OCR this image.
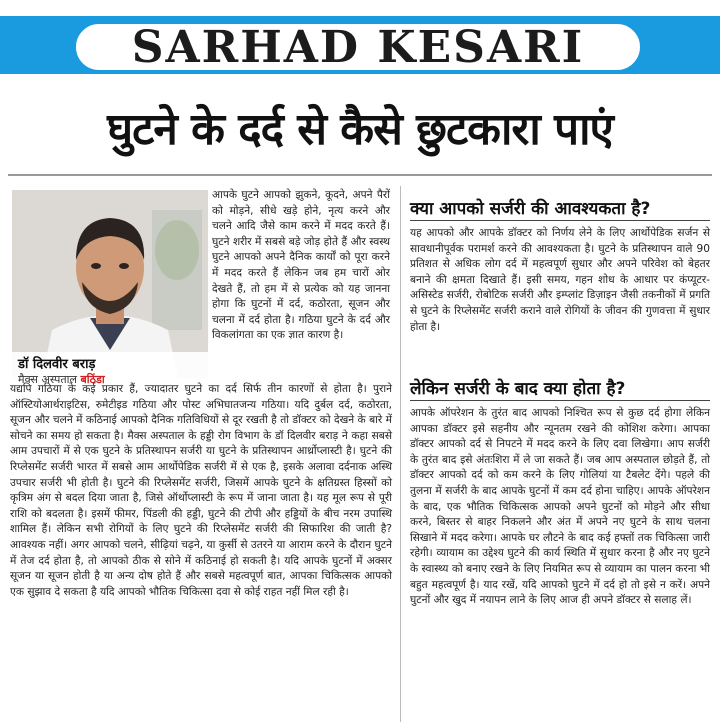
SARHAD KESARI
घुटने के दर्द से कैसे छुटकारा पाएं
डॉ दिलवीर बराड़
मैक्स अस्पताल बठिंडा

आपके घुटने आपको झुकने, कूदने, अपने पैरों को मोड़ने, सीधे खड़े होने, नृत्य करने और चलने आदि जैसे काम करने में मदद करते हैं। घुटने शरीर में सबसे बड़े जोड़ होते हैं और स्वस्थ घुटने आपको अपने दैनिक कार्यों को पूरा करने में मदद करते हैं लेकिन जब हम चारों ओर देखते हैं, तो हम में से प्रत्येक को यह जानना होगा कि घुटनों में दर्द, कठोरता, सूजन और चलना में दर्द होता है। गठिया घुटने के दर्द और विकलांगता का एक ज्ञात कारण है।

यद्यपि गठिया के कई प्रकार हैं, ज्यादातर घुटने का दर्द सिर्फ तीन कारणों से होता है। पुराने ऑस्टियोआर्थराइटिस, रुमेटीइड गठिया और पोस्ट अभिघातजन्य गठिया। यदि दुर्बल दर्द, कठोरता, सूजन और चलने में कठिनाई आपको दैनिक गतिविधियों से दूर रखती है तो डॉक्टर को देखने के बारे में सोचने का समय हो सकता है। मैक्स अस्पताल के हड्डी रोग विभाग के डॉ दिलवीर बराड़ ने कहा सबसे आम उपचारों में से एक घुटने के प्रतिस्थापन सर्जरी या घुटने के प्रतिस्थापन आर्थ्रोप्लास्टी है। घुटने की रिप्लेसमेंट सर्जरी भारत में सबसे आम आर्थोपेडिक सर्जरी में से एक है, इसके अलावा दर्दनाक अस्थि उपचार सर्जरी भी होती है। घुटने की रिप्लेसमेंट सर्जरी, जिसमें आपके घुटने के क्षतिग्रस्त हिस्सों को कृत्रिम अंग से बदल दिया जाता है, जिसे ऑर्थोप्लास्टी के रूप में जाना जाता है। यह मूल रूप से पूरी राशि को बदलता है। इसमें फीमर, पिंडली की हड्डी, घुटने की टोपी और हड्डियों के बीच नरम उपास्थि शामिल हैं। लेकिन सभी रोगियों के लिए घुटने की रिप्लेसमेंट सर्जरी की सिफारिश की जाती है? आवश्यक नहीं। अगर आपको चलने, सीढ़ियां चढ़ने, या कुर्सी से उतरने या आराम करने के दौरान घुटने में तेज दर्द होता है, तो आपको ठीक से सोने में कठिनाई हो सकती है। यदि आपके घुटनों में अक्सर सूजन या सूजन होती है या अन्य दोष होते हैं और सबसे महत्वपूर्ण बात, आपका चिकित्सक आपको एक सुझाव दे सकता है यदि आपको भौतिक चिकित्सा दवा से कोई राहत नहीं मिल रही है।

क्या आपको सर्जरी की आवश्यकता है?

यह आपको और आपके डॉक्टर को निर्णय लेने के लिए आर्थोपेडिक सर्जन से सावधानीपूर्वक परामर्श करने की आवश्यकता है। घुटने के प्रतिस्थापन वाले 90 प्रतिशत से अधिक लोग दर्द में महत्वपूर्ण सुधार और अपने परिवेश को बेहतर बनाने की क्षमता दिखाते हैं। इसी समय, गहन शोध के आधार पर कंप्यूटर-असिस्टेड सर्जरी, रोबोटिक सर्जरी और इम्प्लांट डिज़ाइन जैसी तकनीकों में प्रगति से घुटने के रिप्लेसमेंट सर्जरी कराने वाले रोगियों के जीवन की गुणवत्ता में सुधार होता है।

लेकिन सर्जरी के बाद क्या होता है?

आपके ऑपरेशन के तुरंत बाद आपको निश्चित रूप से कुछ दर्द होगा लेकिन आपका डॉक्टर इसे सहनीय और न्यूनतम रखने की कोशिश करेगा। आपका डॉक्टर आपको दर्द से निपटने में मदद करने के लिए दवा लिखेगा। आप सर्जरी के तुरंत बाद इसे अंतःशिरा में ले जा सकते हैं। जब आप अस्पताल छोड़ते हैं, तो डॉक्टर आपको दर्द को कम करने के लिए गोलियां या टैबलेट देंगे। पहले की तुलना में सर्जरी के बाद आपके घुटनों में कम दर्द होना चाहिए। आपके ऑपरेशन के बाद, एक भौतिक चिकित्सक आपको अपने घुटनों को मोड़ने और सीधा करने, बिस्तर से बाहर निकलने और अंत में अपने नए घुटने के साथ चलना सिखाने में मदद करेगा। आपके घर लौटने के बाद कई हफ्तों तक चिकित्सा जारी रहेगी। व्यायाम का उद्देश्य घुटने की कार्य स्थिति में सुधार करना है और नए घुटने के स्वास्थ्य को बनाए रखने के लिए नियमित रूप से व्यायाम का पालन करना भी बहुत महत्वपूर्ण है। याद रखें, यदि आपको घुटने में दर्द हो तो इसे न करें। अपने घुटनों और खुद में नयापन लाने के लिए आज ही अपने डॉक्टर से सलाह लें।
